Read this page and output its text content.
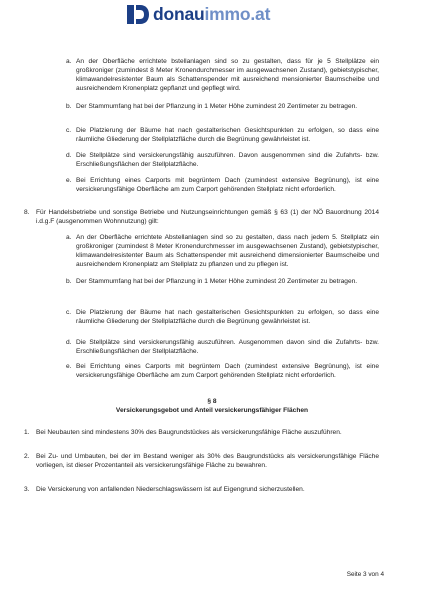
donauimmo.at
a. An der Oberfläche errichtete bstellanlagen sind so zu gestalten, dass für je 5 Stellplätze ein großkroniger (zumindest 8 Meter Kronendurchmesser im ausgewachsenen Zustand), gebietstypischer, klimawandelresistenter Baum als Schattenspender mit ausreichend mensionierter Baumscheibe und ausreichendem Kronenplatz gepflanzt und gepflegt wird.

b. Der Stammumfang hat bei der Pflanzung in 1 Meter Höhe zumindest 20 Zentimeter zu betragen.

c. Die Platzierung der Bäume hat nach gestalterischen Gesichtspunkten zu erfolgen, so dass eine räumliche Gliederung der Stellplatzfläche durch die Begrünung gewährleistet ist.

d. Die Stellplätze sind versickerungsfähig auszuführen. Davon ausgenommen sind die Zufahrts- bzw. Erschließungsflächen der Stellplatzfläche.

e. Bei Errichtung eines Carports mit begrüntem Dach (zumindest extensive Begrünung), ist eine versickerungsfähige Oberfläche am zum Carport gehörenden Stellplatz nicht erforderlich.

8. Für Handelsbetriebe und sonstige Betriebe und Nutzungseinrichtungen gemäß § 63 (1) der NÖ Bauordnung 2014 i.d.g.F (ausgenommen Wohnnutzung) gilt:

a. An der Oberfläche errichtete Abstellanlagen sind so zu gestalten, dass nach jedem 5. Stellplatz ein großkroniger (zumindest 8 Meter Kronendurchmesser im ausgewachsenen Zustand), gebietstypischer, klimawandelresistenter Baum als Schattenspender mit ausreichend dimensionierter Baumscheibe und ausreichendem Kronenplatz am Stellplatz zu pflanzen und zu pflegen ist.

b. Der Stammumfang hat bei der Pflanzung in 1 Meter Höhe zumindest 20 Zentimeter zu betragen.

c. Die Platzierung der Bäume hat nach gestalterischen Gesichtspunkten zu erfolgen, so dass eine räumliche Gliederung der Stellplatzfläche durch die Begrünung gewährleistet ist.

d. Die Stellplätze sind versickerungsfähig auszuführen. Ausgenommen davon sind die Zufahrts- bzw. Erschließungsflächen der Stellplatzfläche.

e. Bei Errichtung eines Carports mit begrüntem Dach (zumindest extensive Begrünung), ist eine versickerungsfähige Oberfläche am zum Carport gehörenden Stellplatz nicht erforderlich.

§ 8
Versickerungsgebot und Anteil versickerungsfähiger Flächen
1. Bei Neubauten sind mindestens 30% des Baugrundstückes als versickerungsfähige Fläche auszuführen.

2. Bei Zu- und Umbauten, bei der im Bestand weniger als 30% des Baugrundstücks als versickerungsfähige Fläche vorliegen, ist dieser Prozentanteil als versickerungsfähige Fläche zu bewahren.

3. Die Versickerung von anfallenden Niederschlagswässern ist auf Eigengrund sicherzustellen.

Seite 3 von 4
